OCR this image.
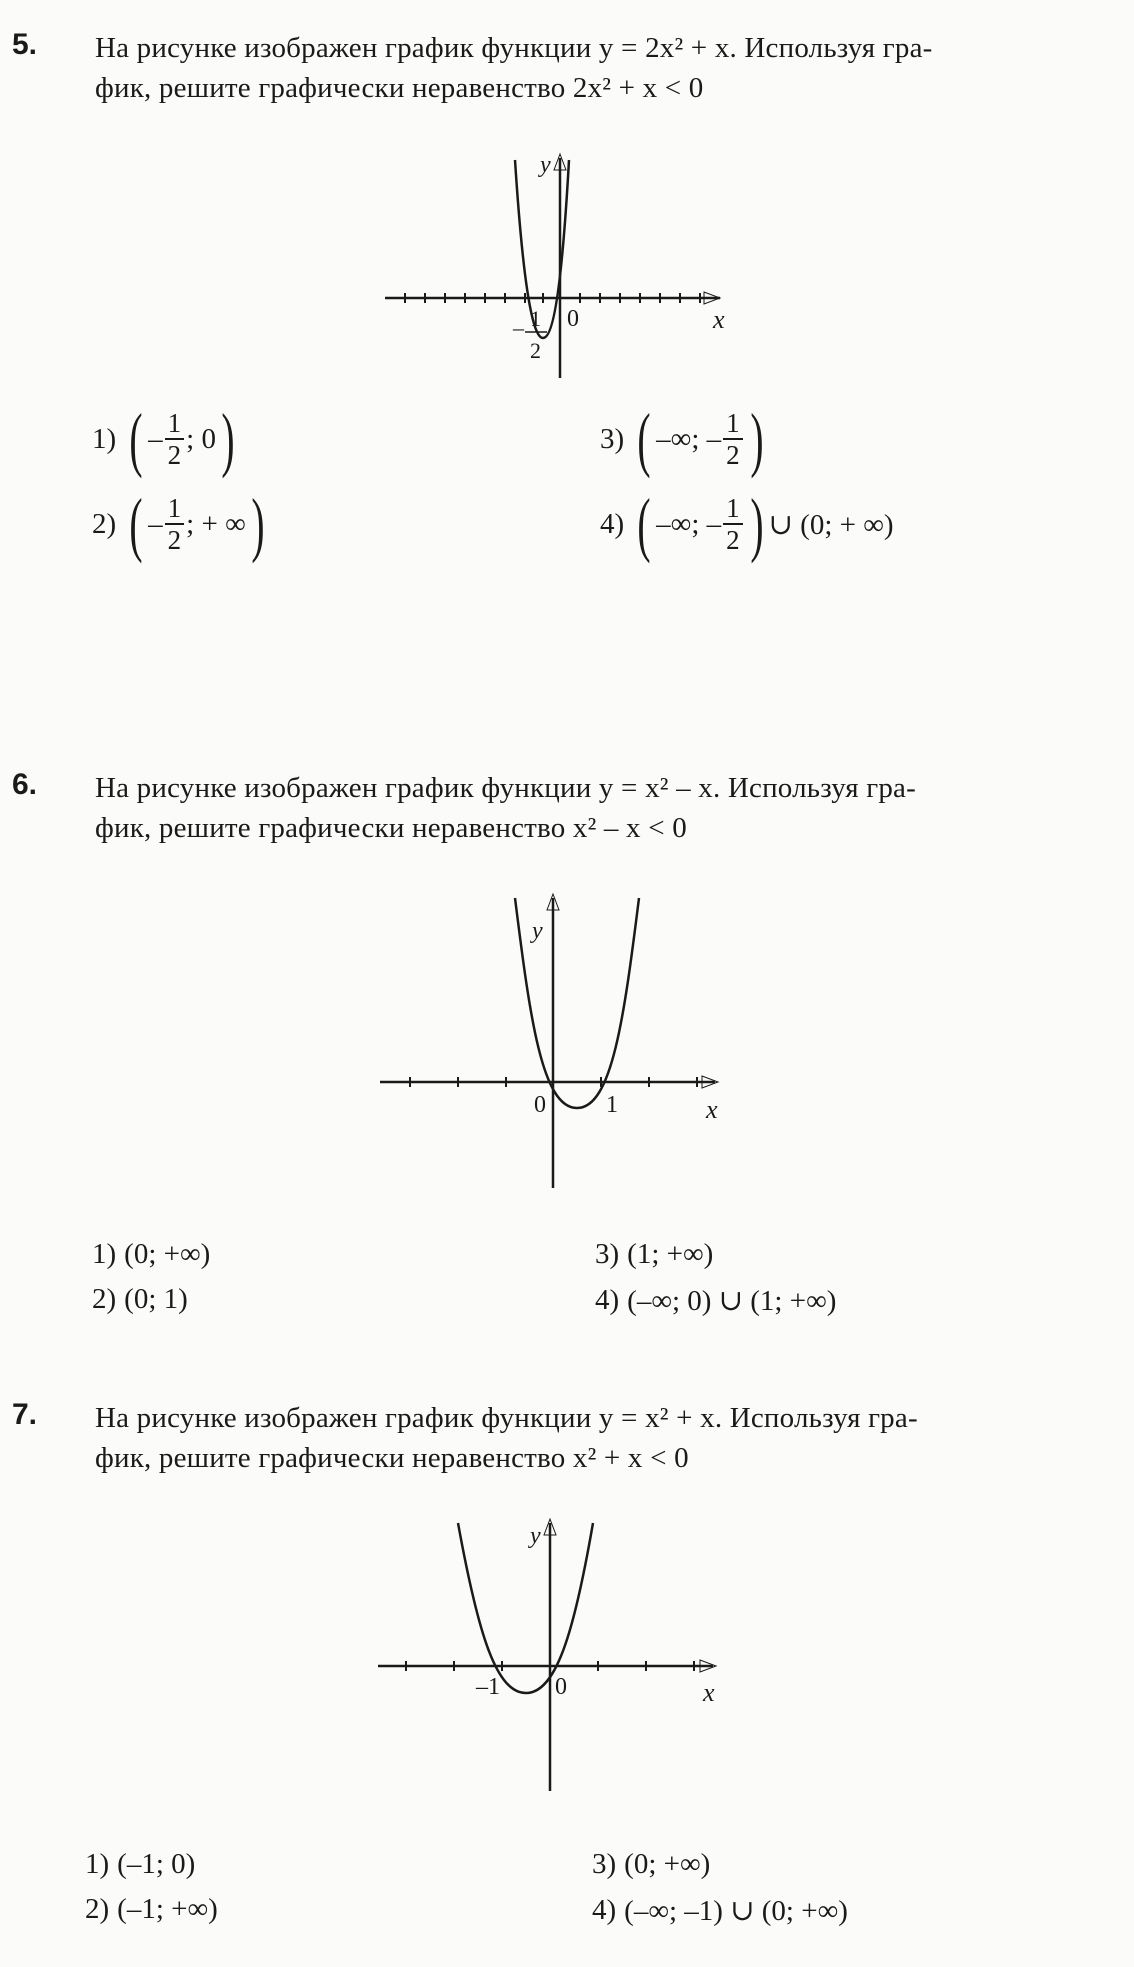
5. На рисунке изображен график функции y = 2x² + x. Используя гра-
фик, решите графически неравенство 2x² + x < 0
y
x
0
– 1
2
1) ( – $\frac{1}{2}$ ; 0 )
2) ( – $\frac{1}{2}$ ; + ∞ )
3) ( –∞; – $\frac{1}{2}$ )
4) ( –∞; – $\frac{1}{2}$ ) ∪ (0; + ∞)
6. На рисунке изображен график функции y = x² – x. Используя гра-
фик, решите графически неравенство x² – x < 0
y
x
0	1
1) (0; +∞)
2) (0; 1)
3) (1; +∞)
4) (–∞; 0) ∪ (1; +∞)
7. На рисунке изображен график функции y = x² + x. Используя гра-
фик, решите графически неравенство x² + x < 0
y
x
0
–1
1) (–1; 0)
2) (–1; +∞)
3) (0; +∞)
4) (–∞; –1) ∪ (0; +∞)
